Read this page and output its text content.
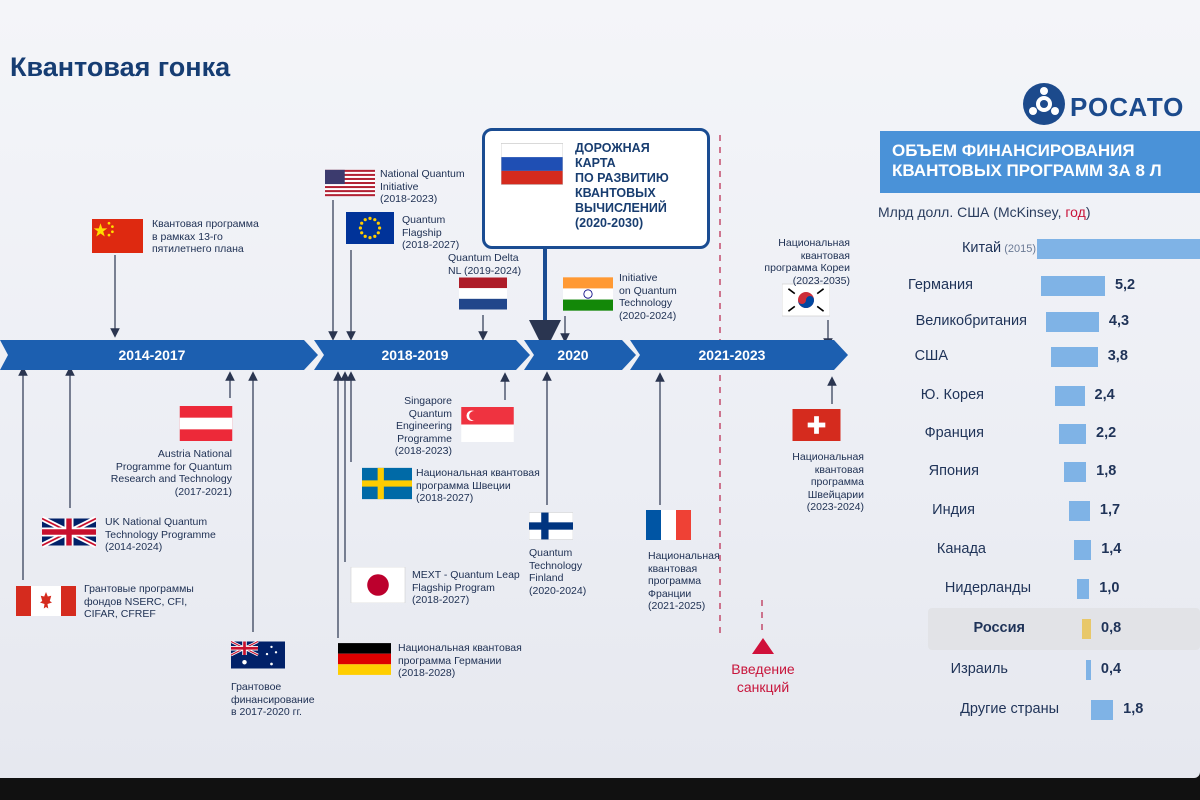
Квантовая гонка
РОСАТО
2014-2017	2018-2019	2020	2021-2023
ДОРОЖНАЯ
КАРТА
ПО РАЗВИТИЮ
КВАНТОВЫХ
ВЫЧИСЛЕНИЙ
(2020-2030)
Квантовая программа
в рамках 13-го
пятилетнего плана
National Quantum
Initiative
(2018-2023)
Quantum
Flagship
(2018-2027)
Quantum Delta
NL (2019-2024)
Initiative
on Quantum
Technology
(2020-2024)
Национальная
квантовая
программа Кореи
(2023-2035)
Austria National
Programme for Quantum
Research and Technology
(2017-2021)
UK National Quantum
Technology Programme
(2014-2024)
Грантовые программы
фондов NSERC, CFI,
CIFAR, CFREF
Грантовое
финансирование
в 2017-2020 гг.
Singapore
Quantum
Engineering
Programme
(2018-2023)
Национальная квантовая
программа Швеции
(2018-2027)
MEXT - Quantum Leap
Flagship Program
(2018-2027)
Национальная квантовая
программа Германии
(2018-2028)
Quantum
Technology
Finland
(2020-2024)
Национальная
квантовая
программа
Франции
(2021-2025)
Национальная
квантовая
программа
Швейцарии
(2023-2024)
Введение
санкций
ОБЪЕМ ФИНАНСИРОВАНИЯ
КВАНТОВЫХ ПРОГРАММ ЗА 8 Л
Млрд долл. США (McKinsey, год)
Китай (2015)
Германия	5,2
Великобритания	4,3
США	3,8
Ю. Корея	2,4
Франция	2,2
Япония	1,8
Индия	1,7
Канада	1,4
Нидерланды	1,0
Россия	0,8
Израиль	0,4
Другие страны	1,8
